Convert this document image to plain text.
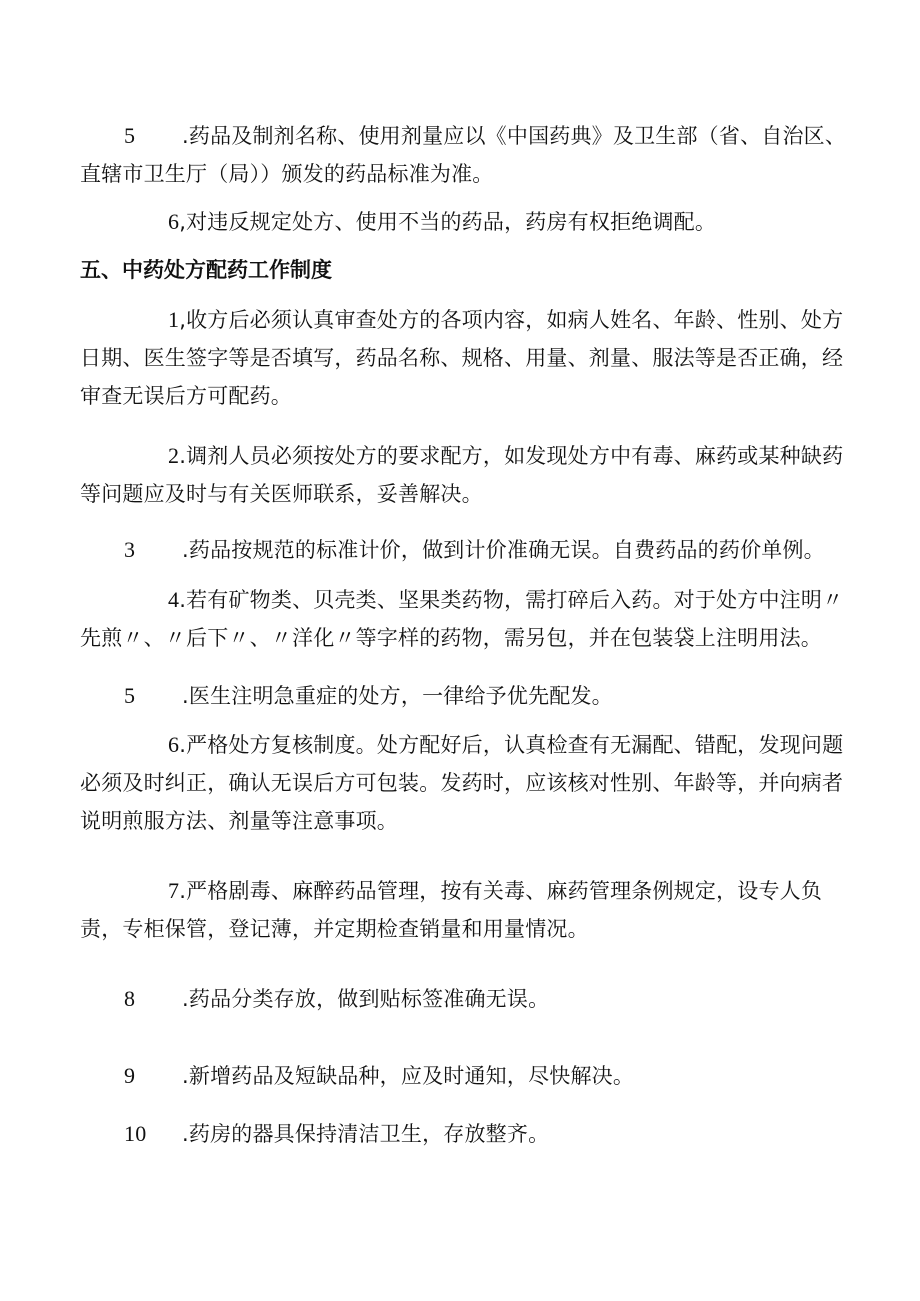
5 .药品及制剂名称、使用剂量应以《中国药典》及卫生部（省、自治区、直辖市卫生厅（局））颁发的药品标准为准。

6,对违反规定处方、使用不当的药品，药房有权拒绝调配。

五、中药处方配药工作制度

1,收方后必须认真审查处方的各项内容，如病人姓名、年龄、性别、处方日期、医生签字等是否填写，药品名称、规格、用量、剂量、服法等是否正确，经审查无误后方可配药。

2.调剂人员必须按处方的要求配方，如发现处方中有毒、麻药或某种缺药等问题应及时与有关医师联系，妥善解决。

3 .药品按规范的标准计价，做到计价准确无误。自费药品的药价单例。

4.若有矿物类、贝壳类、坚果类药物，需打碎后入药。对于处方中注明〃先煎〃、〃后下〃、〃洋化〃等字样的药物，需另包，并在包装袋上注明用法。

5 .医生注明急重症的处方，一律给予优先配发。

6.严格处方复核制度。处方配好后，认真检查有无漏配、错配，发现问题必须及时纠正，确认无误后方可包装。发药时，应该核对性别、年龄等，并向病者说明煎服方法、剂量等注意事项。

7.严格剧毒、麻醉药品管理，按有关毒、麻药管理条例规定，设专人负责，专柜保管，登记薄，并定期检查销量和用量情况。

8 .药品分类存放，做到贴标签准确无误。

9 .新增药品及短缺品种，应及时通知，尽快解决。

10 .药房的器具保持清洁卫生，存放整齐。
